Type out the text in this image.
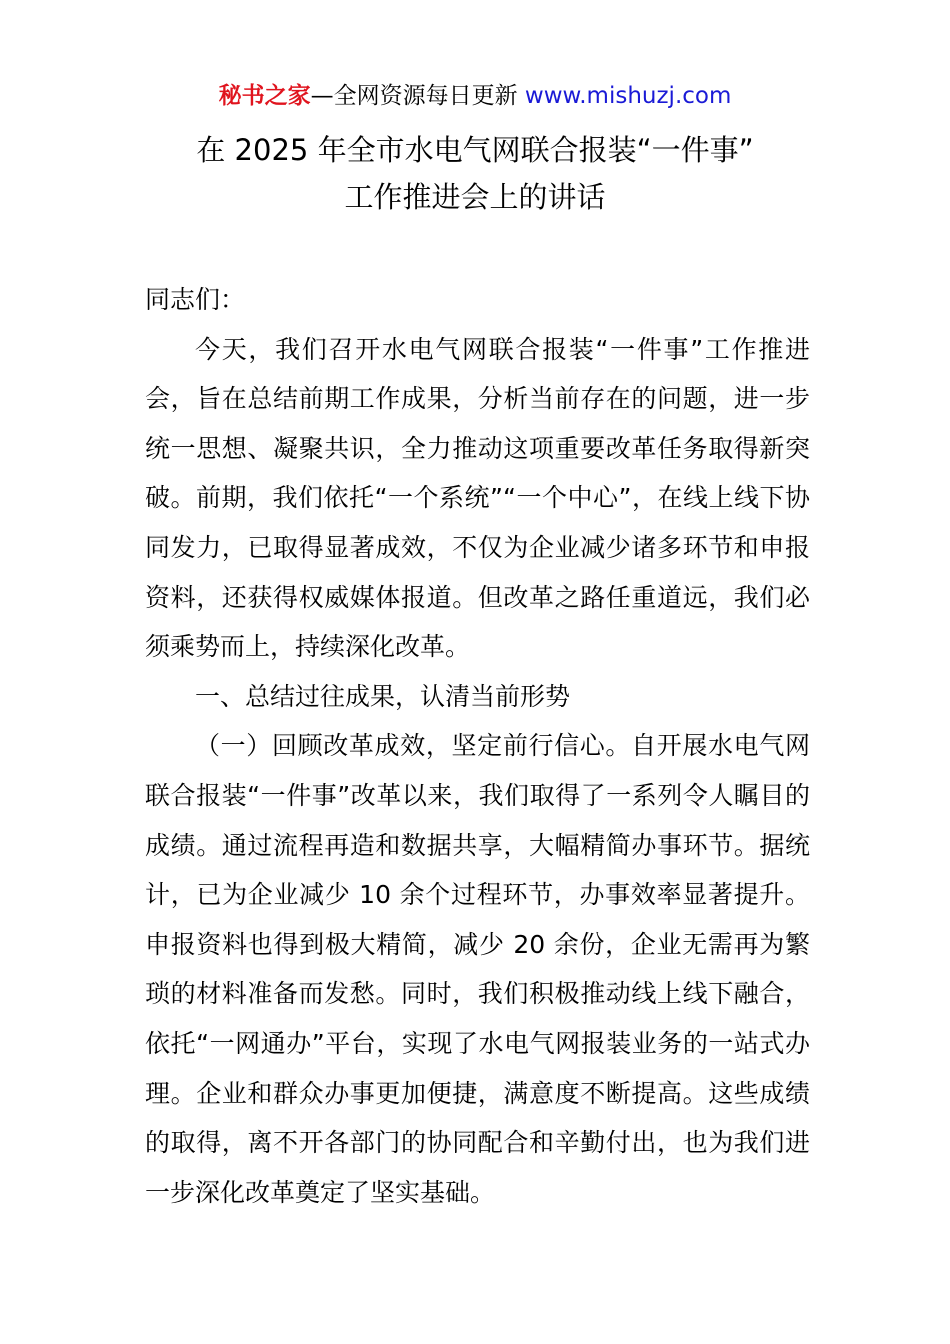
秘书之家—全网资源每日更新 www.mishuzj.com
在 2025 年全市水电气网联合报装“一件事”
工作推进会上的讲话

同志们：

今天，我们召开水电气网联合报装“一件事”工作推进会，旨在总结前期工作成果，分析当前存在的问题，进一步统一思想、凝聚共识，全力推动这项重要改革任务取得新突破。前期，我们依托“一个系统”“一个中心”，在线上线下协同发力，已取得显著成效，不仅为企业减少诸多环节和申报资料，还获得权威媒体报道。但改革之路任重道远，我们必须乘势而上，持续深化改革。

一、总结过往成果，认清当前形势

（一）回顾改革成效，坚定前行信心。自开展水电气网联合报装“一件事”改革以来，我们取得了一系列令人瞩目的成绩。通过流程再造和数据共享，大幅精简办事环节。据统计，已为企业减少 10 余个过程环节，办事效率显著提升。申报资料也得到极大精简，减少 20 余份，企业无需再为繁琐的材料准备而发愁。同时，我们积极推动线上线下融合，依托“一网通办”平台，实现了水电气网报装业务的一站式办理。企业和群众办事更加便捷，满意度不断提高。这些成绩的取得，离不开各部门的协同配合和辛勤付出，也为我们进一步深化改革奠定了坚实基础。
